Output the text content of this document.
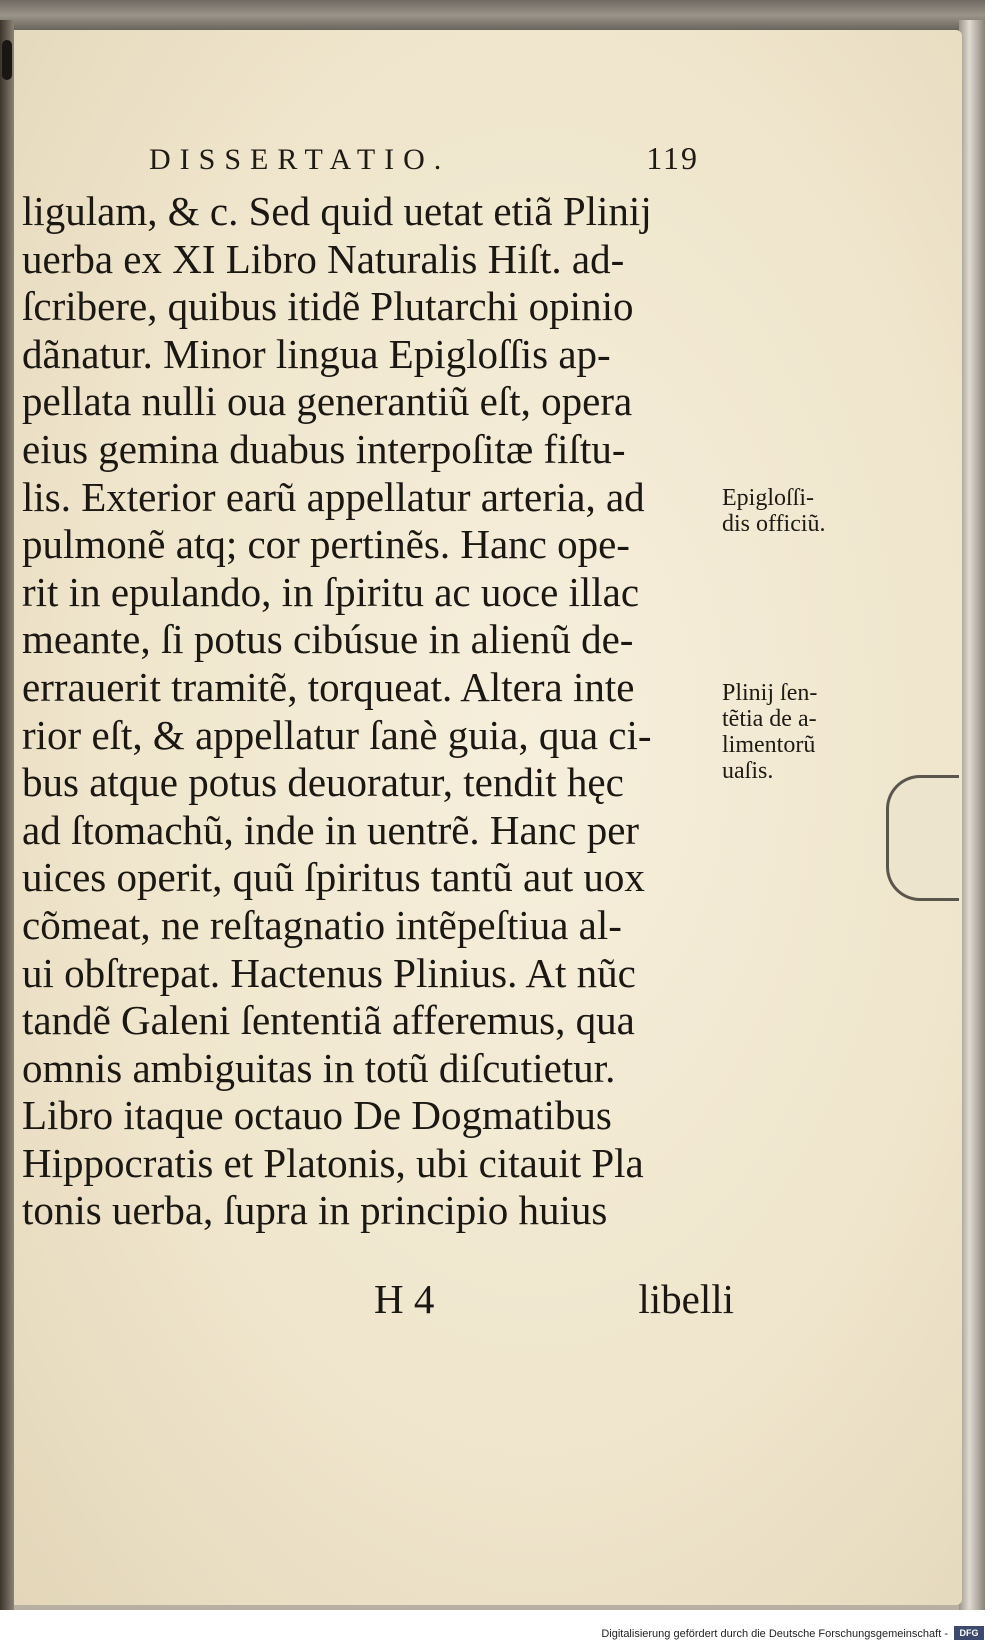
DISSERTATIO.	119
ligulam, & c. Sed quid uetat etiã Plinij
uerba ex XI Libro Naturalis Hiſt. ad-
ſcribere, quibus itidẽ Plutarchi opinio
dãnatur. Minor lingua Epigloſſis ap-
pellata nulli oua generantiũ eſt, opera
eius gemina duabus interpoſitæ fiſtu-
lis. Exterior earũ appellatur arteria, ad
pulmonẽ atq; cor pertinẽs. Hanc ope-
rit in epulando, in ſpiritu ac uoce illac
meante, ſi potus cibúsue in alienũ de-
errauerit tramitẽ, torqueat. Altera inte
rior eſt, & appellatur ſanè guia, qua ci-
bus atque potus deuoratur, tendit hęc
ad ſtomachũ, inde in uentrẽ. Hanc per
uices operit, quũ ſpiritus tantũ aut uox
cõmeat, ne reſtagnatio intẽpeſtiua al-
ui obſtrepat. Hactenus Plinius. At nũc
tandẽ Galeni ſententiã afferemus, qua
omnis ambiguitas in totũ diſcutietur.
Libro itaque octauo De Dogmatibus
Hippocratis et Platonis, ubi citauit Pla
tonis uerba, ſupra in principio huius
Epigloſſi-
dis officiũ.
Plinij ſen-
tẽtia de a-
limentorũ
uaſis.
H 4	libelli
Digitalisierung gefördert durch die Deutsche Forschungsgemeinschaft -	DFG
